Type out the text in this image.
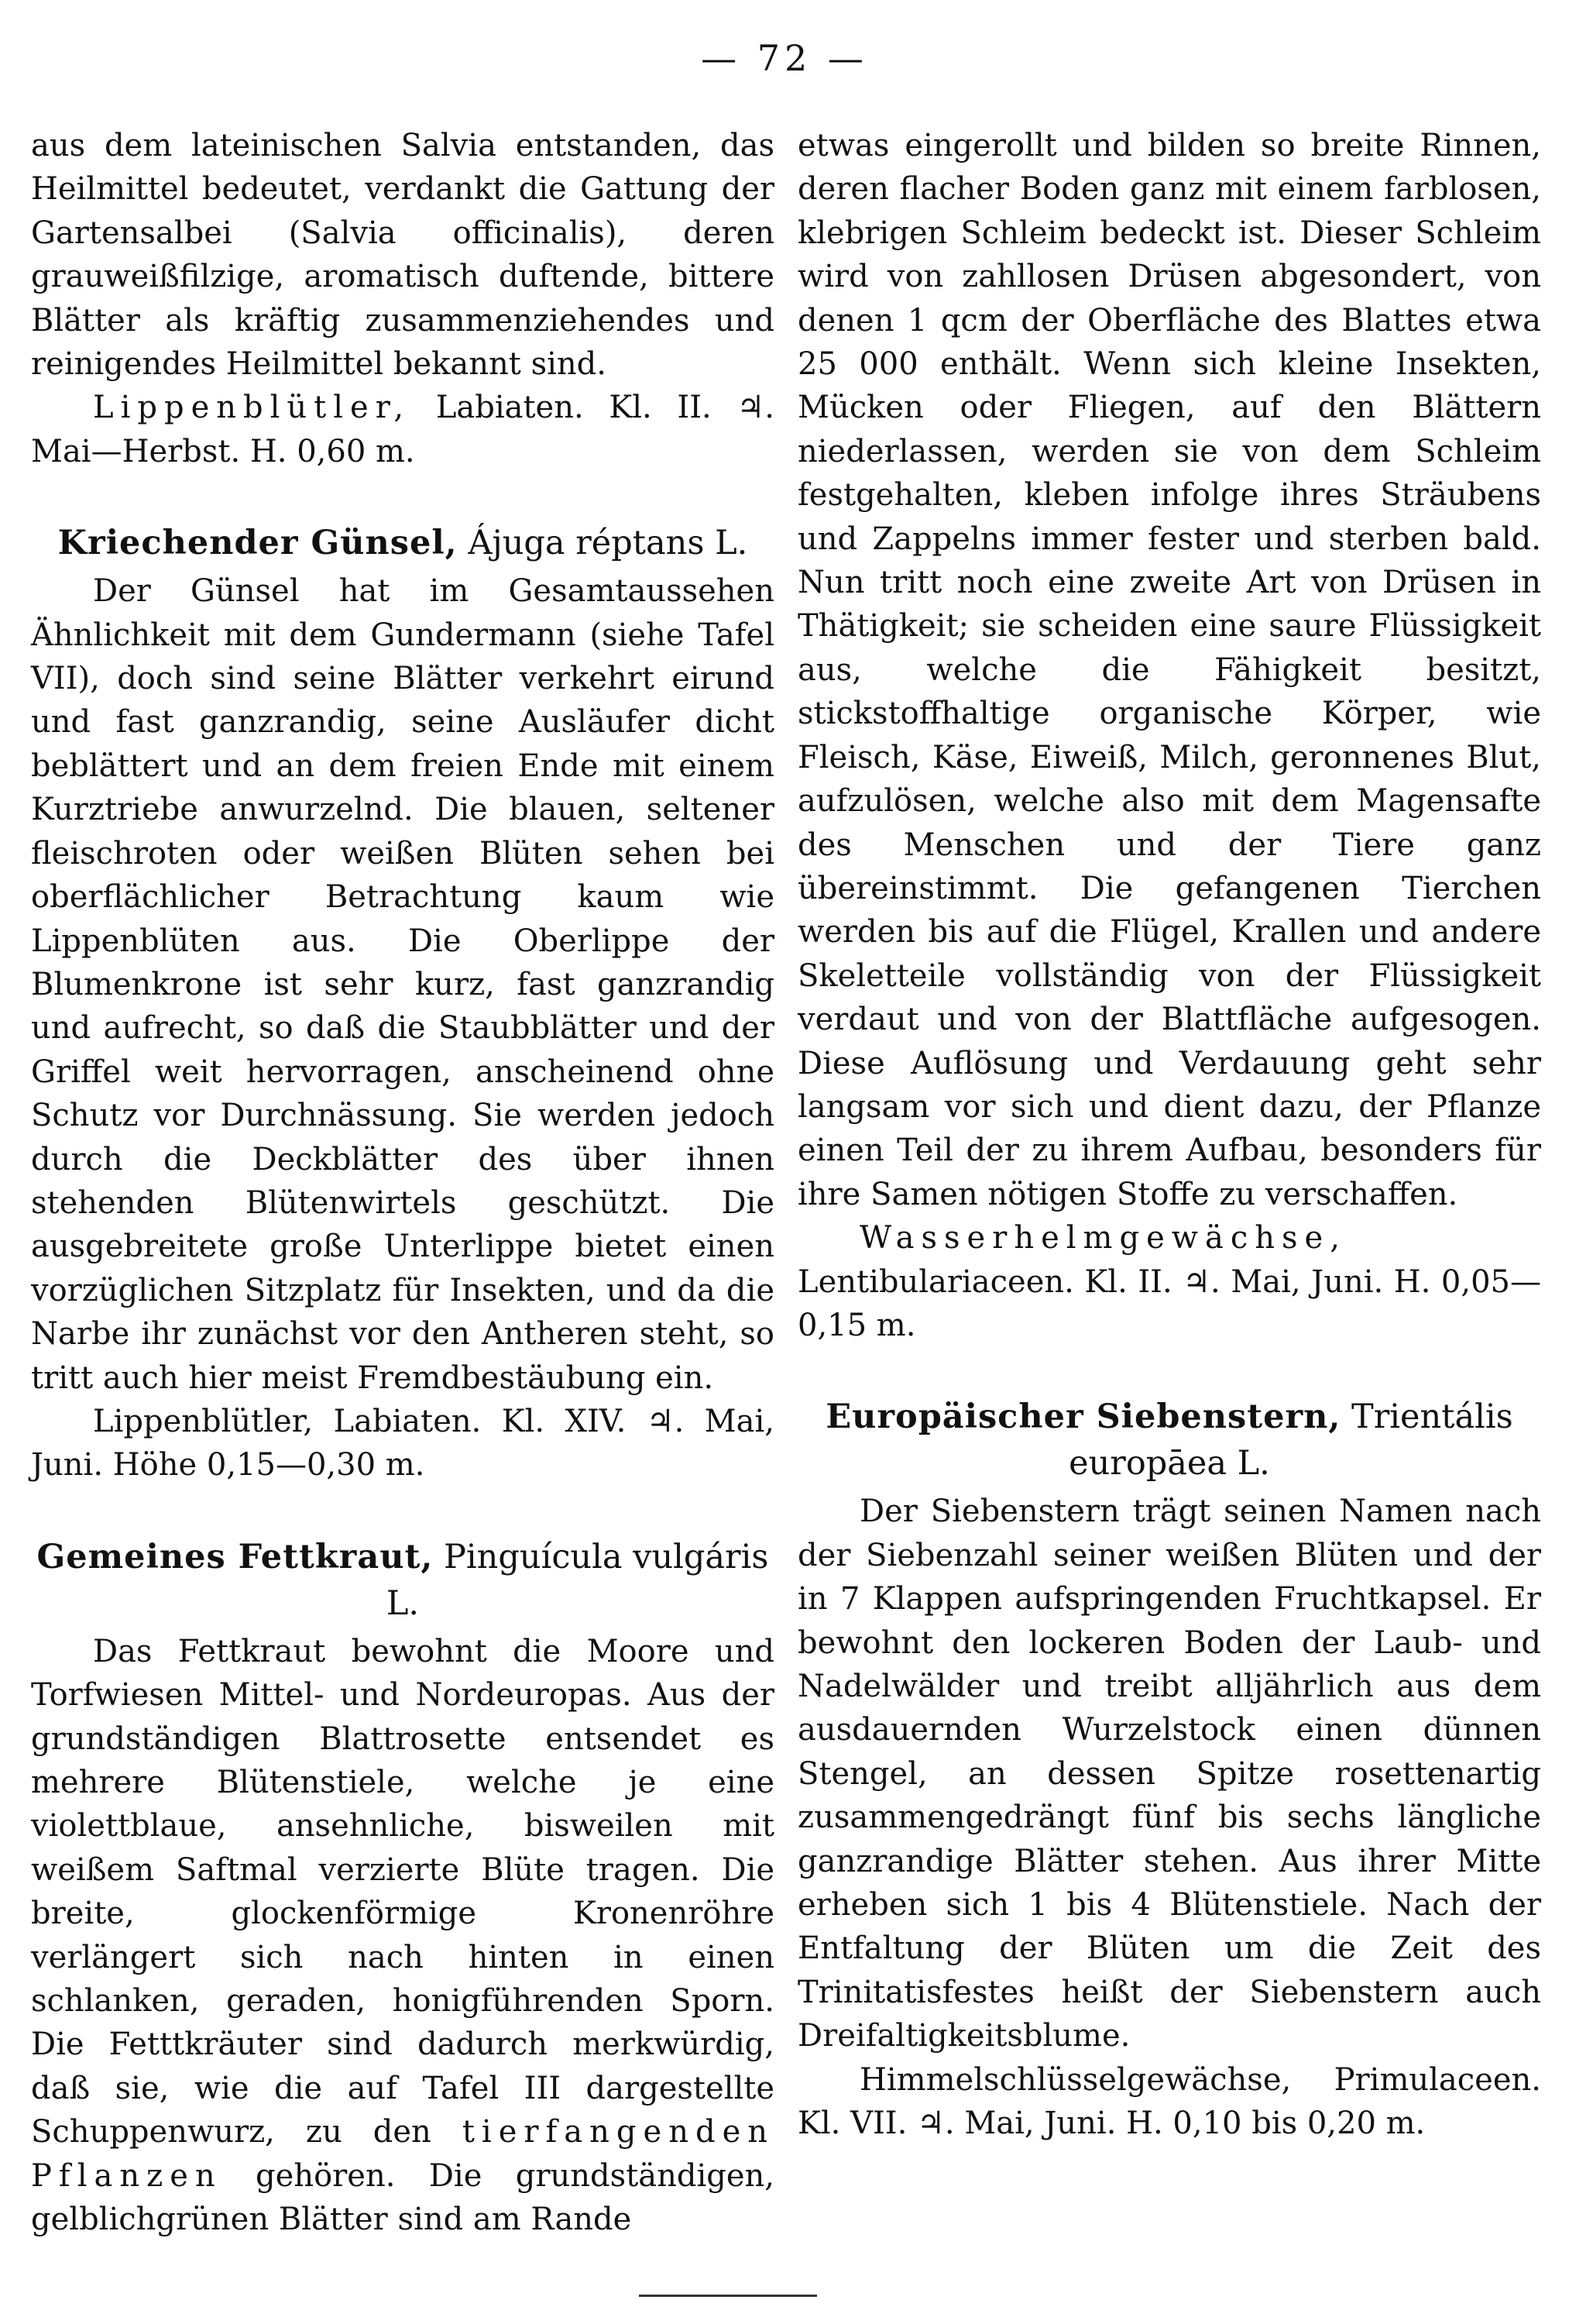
— 72 —

aus dem lateinischen Salvia entstanden, das Heilmittel bedeutet, verdankt die Gattung der Gartensalbei (Salvia officinalis), deren grauweißfilzige, aromatisch duftende, bittere Blätter als kräftig zusammenziehendes und reinigendes Heilmittel bekannt sind.

Lippenblütler, Labiaten. Kl. II. ♃. Mai—Herbst. H. 0,60 m.

Kriechender Günsel, Ájuga réptans L.

Der Günsel hat im Gesamtaussehen Ähnlichkeit mit dem Gundermann (siehe Tafel VII), doch sind seine Blätter verkehrt eirund und fast ganzrandig, seine Ausläufer dicht beblättert und an dem freien Ende mit einem Kurztriebe anwurzelnd. Die blauen, seltener fleischroten oder weißen Blüten sehen bei oberflächlicher Betrachtung kaum wie Lippenblüten aus. Die Oberlippe der Blumenkrone ist sehr kurz, fast ganzrandig und aufrecht, so daß die Staubblätter und der Griffel weit hervorragen, anscheinend ohne Schutz vor Durchnässung. Sie werden jedoch durch die Deckblätter des über ihnen stehenden Blütenwirtels geschützt. Die ausgebreitete große Unterlippe bietet einen vorzüglichen Sitzplatz für Insekten, und da die Narbe ihr zunächst vor den Antheren steht, so tritt auch hier meist Fremdbestäubung ein.

Lippenblütler, Labiaten. Kl. XIV. ♃. Mai, Juni. Höhe 0,15—0,30 m.

Gemeines Fettkraut, Pinguícula vulgáris L.

Das Fettkraut bewohnt die Moore und Torfwiesen Mittel- und Nordeuropas. Aus der grundständigen Blattrosette entsendet es mehrere Blütenstiele, welche je eine violettblaue, ansehnliche, bisweilen mit weißem Saftmal verzierte Blüte tragen. Die breite, glockenförmige Kronenröhre verlängert sich nach hinten in einen schlanken, geraden, honigführenden Sporn. Die Fetttkräuter sind dadurch merkwürdig, daß sie, wie die auf Tafel III dargestellte Schuppenwurz, zu den tierfangenden Pflanzen gehören. Die grundständigen, gelblichgrünen Blätter sind am Rande

etwas eingerollt und bilden so breite Rinnen, deren flacher Boden ganz mit einem farblosen, klebrigen Schleim bedeckt ist. Dieser Schleim wird von zahllosen Drüsen abgesondert, von denen 1 qcm der Oberfläche des Blattes etwa 25 000 enthält. Wenn sich kleine Insekten, Mücken oder Fliegen, auf den Blättern niederlassen, werden sie von dem Schleim festgehalten, kleben infolge ihres Sträubens und Zappelns immer fester und sterben bald. Nun tritt noch eine zweite Art von Drüsen in Thätigkeit; sie scheiden eine saure Flüssigkeit aus, welche die Fähigkeit besitzt, stickstoffhaltige organische Körper, wie Fleisch, Käse, Eiweiß, Milch, geronnenes Blut, aufzulösen, welche also mit dem Magensafte des Menschen und der Tiere ganz übereinstimmt. Die gefangenen Tierchen werden bis auf die Flügel, Krallen und andere Skeletteile vollständig von der Flüssigkeit verdaut und von der Blattfläche aufgesogen. Diese Auflösung und Verdauung geht sehr langsam vor sich und dient dazu, der Pflanze einen Teil der zu ihrem Aufbau, besonders für ihre Samen nötigen Stoffe zu verschaffen.

Wasserhelmgewächse, Lentibulariaceen. Kl. II. ♃. Mai, Juni. H. 0,05—0,15 m.

Europäischer Siebenstern, Trientális
europāea L.

Der Siebenstern trägt seinen Namen nach der Siebenzahl seiner weißen Blüten und der in 7 Klappen aufspringenden Fruchtkapsel. Er bewohnt den lockeren Boden der Laub- und Nadelwälder und treibt alljährlich aus dem ausdauernden Wurzelstock einen dünnen Stengel, an dessen Spitze rosettenartig zusammengedrängt fünf bis sechs längliche ganzrandige Blätter stehen. Aus ihrer Mitte erheben sich 1 bis 4 Blütenstiele. Nach der Entfaltung der Blüten um die Zeit des Trinitatisfestes heißt der Siebenstern auch Dreifaltigkeitsblume.

Himmelschlüsselgewächse, Primulaceen. Kl. VII. ♃. Mai, Juni. H. 0,10 bis 0,20 m.
